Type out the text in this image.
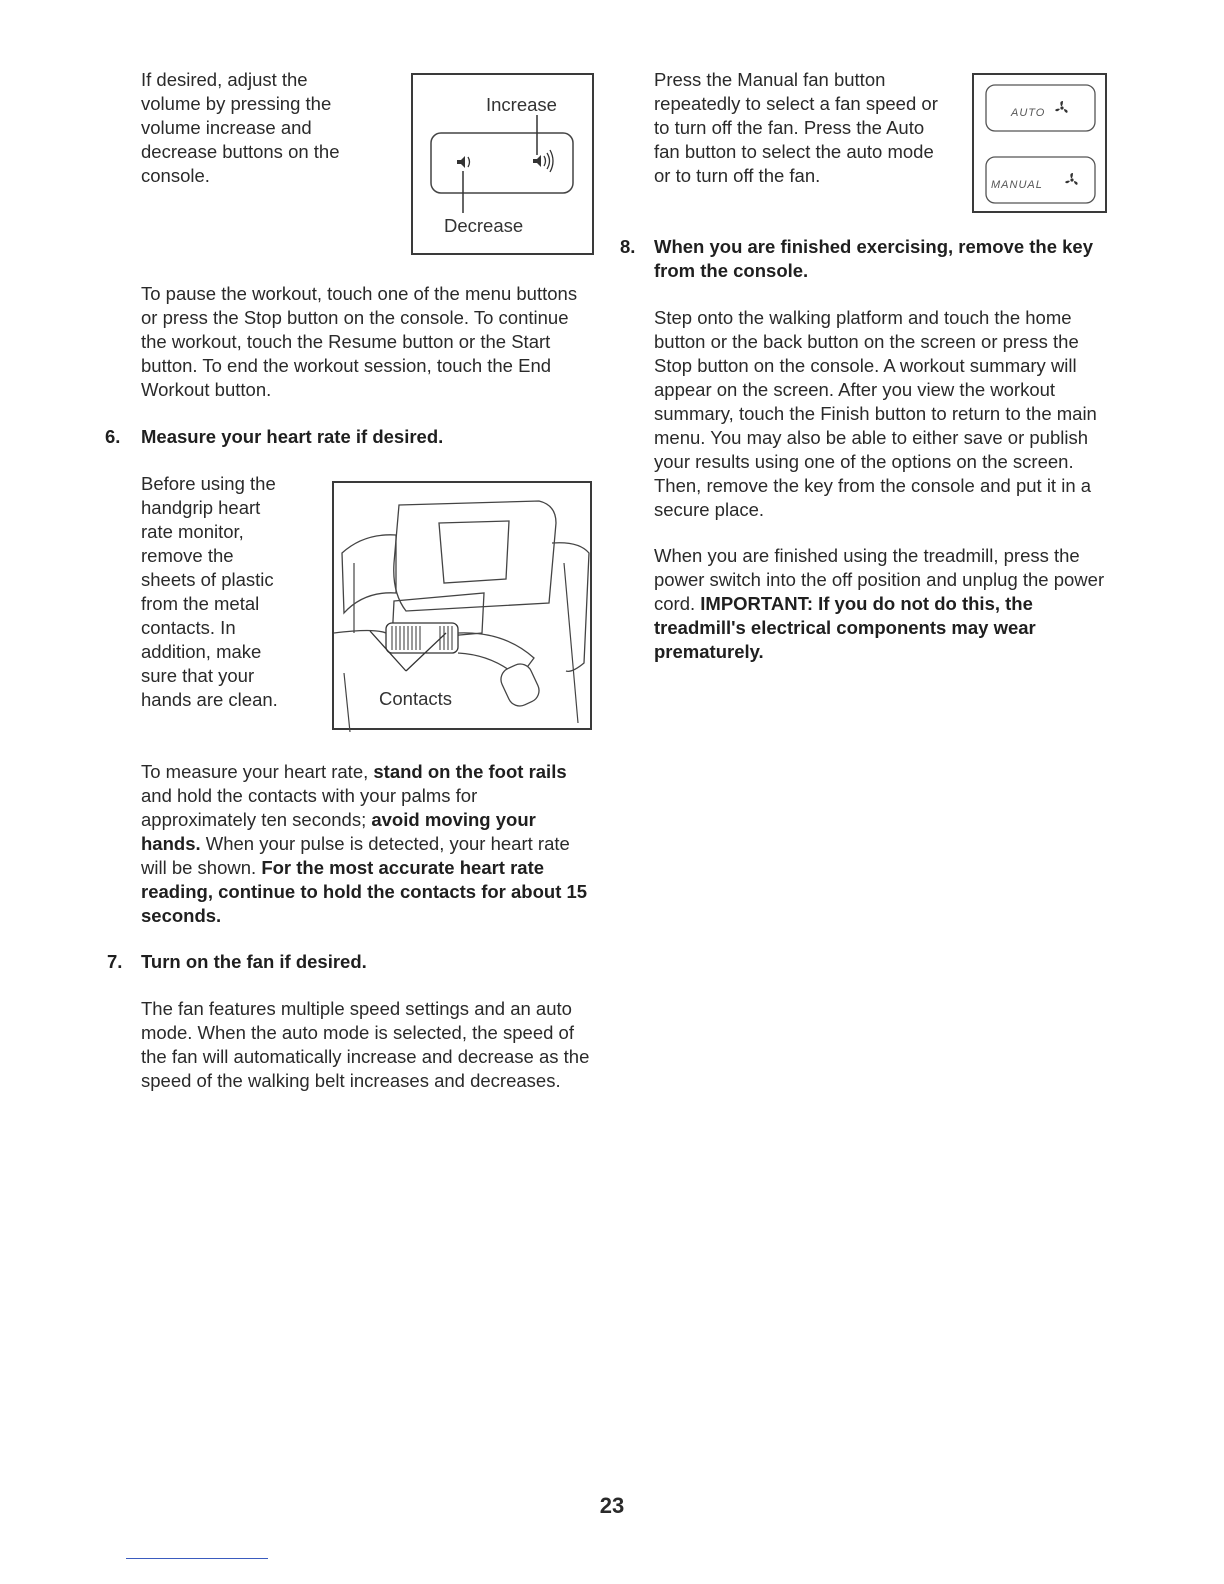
If desired, adjust the volume by pressing the volume increase and decrease buttons on the console.

Increase
Decrease

To pause the workout, touch one of the menu buttons or press the Stop button on the console. To continue the workout, touch the Resume button or the Start button. To end the workout session, touch the End Workout button.

6. Measure your heart rate if desired.

Before using the handgrip heart rate monitor, remove the sheets of plastic from the metal contacts. In addition, make sure that your hands are clean.	Contacts

To measure your heart rate, stand on the foot rails and hold the contacts with your palms for approximately ten seconds; avoid moving your hands. When your pulse is detected, your heart rate will be shown. For the most accurate heart rate reading, continue to hold the contacts for about 15 seconds.

7. Turn on the fan if desired.

The fan features multiple speed settings and an auto mode. When the auto mode is selected, the speed of the fan will automatically increase and decrease as the speed of the walking belt increases and decreases.

Press the Manual fan button repeatedly to select a fan speed or to turn off the fan. Press the Auto fan button to select the auto mode or to turn off the fan.

AUTO
MANUAL
8. When you are finished exercising, remove the key from the console.

Step onto the walking platform and touch the home button or the back button on the screen or press the Stop button on the console. A workout summary will appear on the screen. After you view the workout summary, touch the Finish button to return to the main menu. You may also be able to either save or publish your results using one of the options on the screen. Then, remove the key from the console and put it in a secure place.

When you are finished using the treadmill, press the power switch into the off position and unplug the power cord. IMPORTANT: If you do not do this, the treadmill's electrical components may wear prematurely.

23
